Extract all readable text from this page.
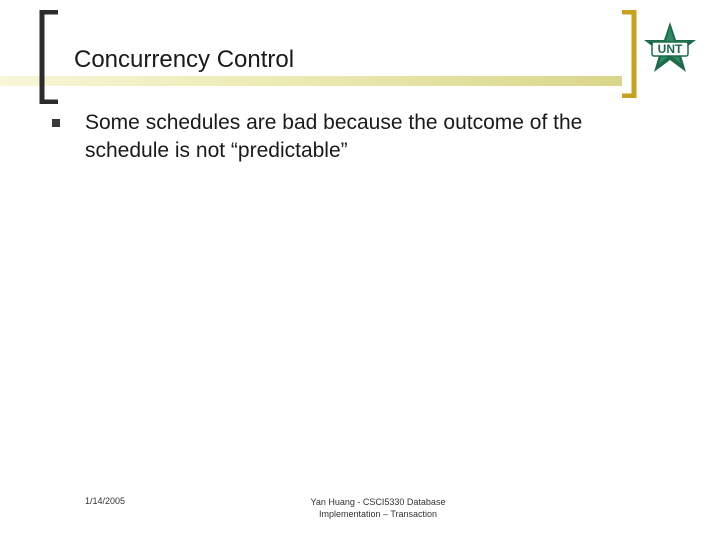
Concurrency Control	UNT
Some schedules are bad because the outcome of the schedule is not “predictable”
1/14/2005	Yan Huang - CSCI5330 Database
Implementation – Transaction
